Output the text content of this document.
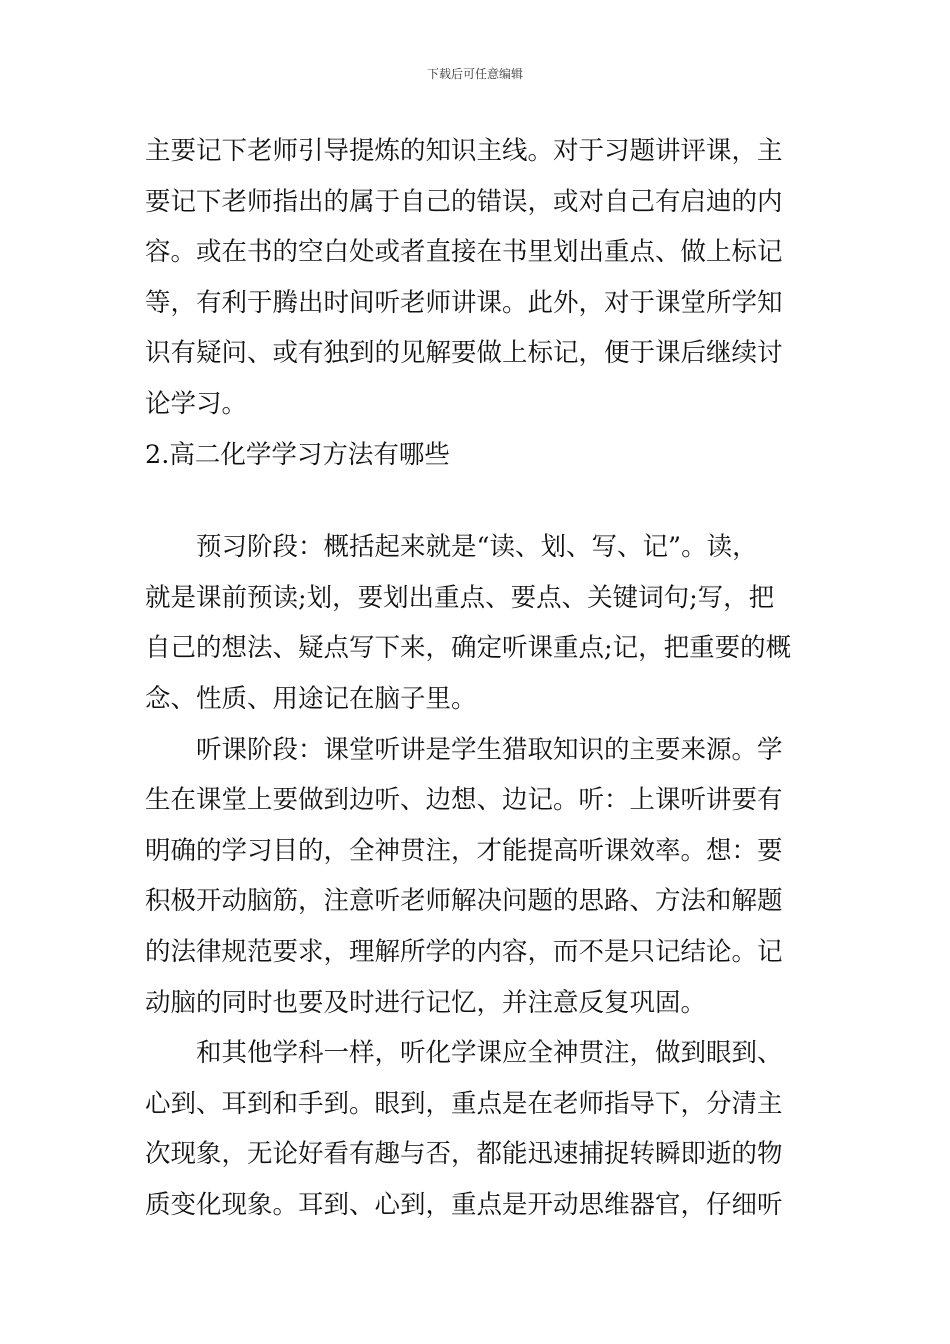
下载后可任意编辑
主要记下老师引导提炼的知识主线。对于习题讲评课，主
要记下老师指出的属于自己的错误，或对自己有启迪的内
容。或在书的空白处或者直接在书里划出重点、做上标记
等，有利于腾出时间听老师讲课。此外，对于课堂所学知
识有疑问、或有独到的见解要做上标记，便于课后继续讨
论学习。
2.高二化学学习方法有哪些
　　预习阶段：概括起来就是“读、划、写、记”。读，
就是课前预读;划，要划出重点、要点、关键词句;写，把
自己的想法、疑点写下来，确定听课重点;记，把重要的概
念、性质、用途记在脑子里。
　　听课阶段：课堂听讲是学生猎取知识的主要来源。学
生在课堂上要做到边听、边想、边记。听：上课听讲要有
明确的学习目的，全神贯注，才能提高听课效率。想：要
积极开动脑筋，注意听老师解决问题的思路、方法和解题
的法律规范要求，理解所学的内容，而不是只记结论。记
动脑的同时也要及时进行记忆，并注意反复巩固。
　　和其他学科一样，听化学课应全神贯注，做到眼到、
心到、耳到和手到。眼到，重点是在老师指导下，分清主
次现象，无论好看有趣与否，都能迅速捕捉转瞬即逝的物
质变化现象。耳到、心到，重点是开动思维器官，仔细听
